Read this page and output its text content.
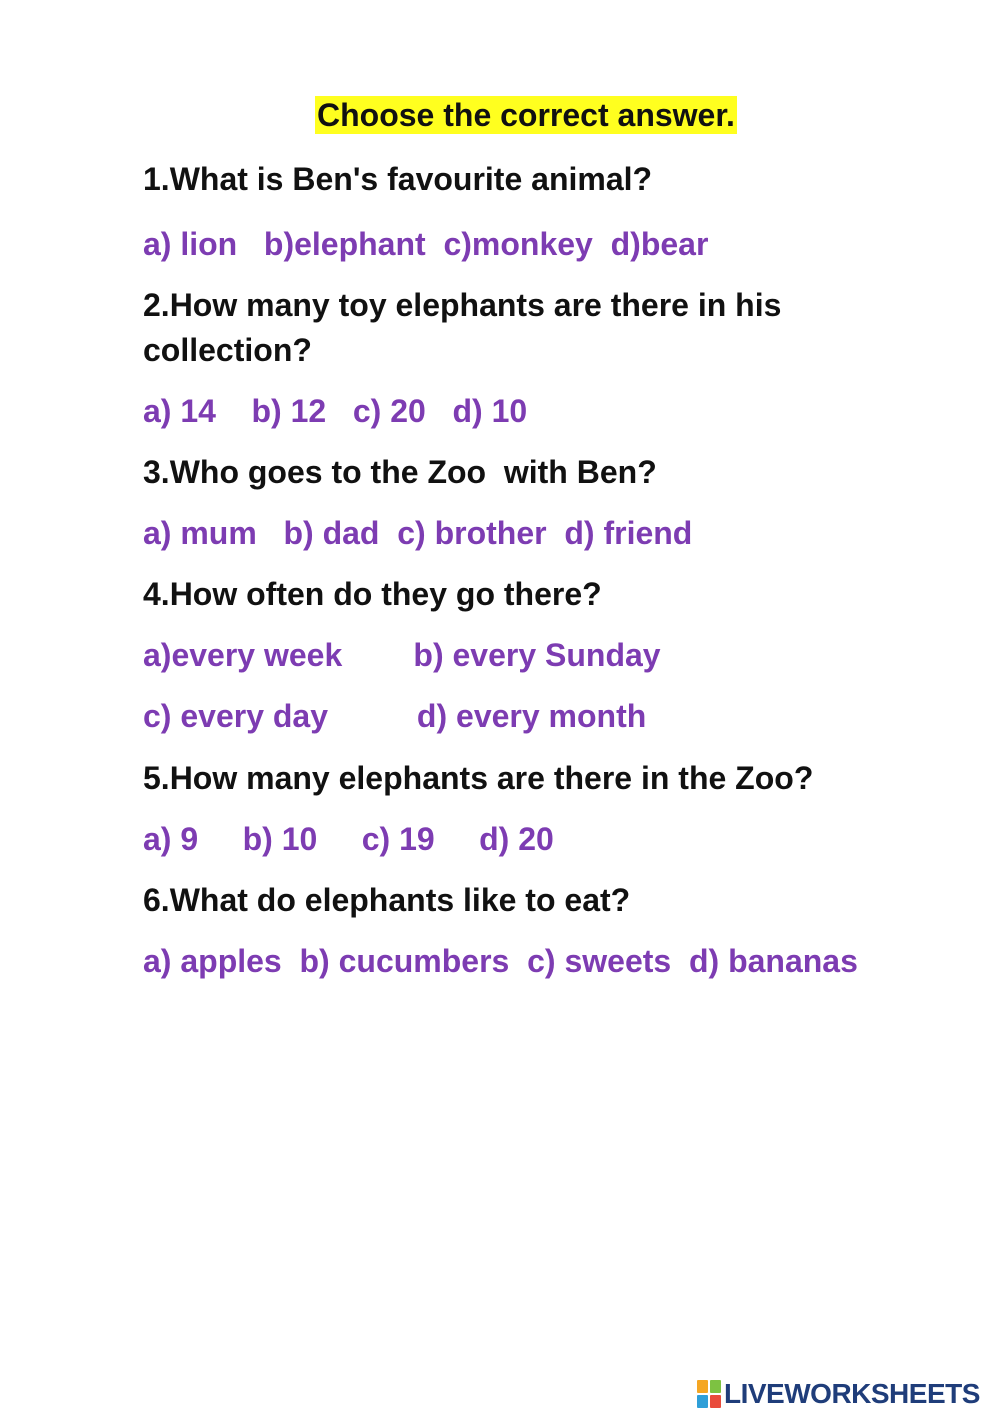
Choose the correct answer.
1.What is Ben's favourite animal?
a) lion   b)elephant  c)monkey  d)bear
2.How many toy elephants are there in his
collection?
a) 14    b) 12   c) 20   d) 10
3.Who goes to the Zoo  with Ben?
a) mum   b) dad  c) brother  d) friend
4.How often do they go there?
a)every week        b) every Sunday
c) every day          d) every month
5.How many elephants are there in the Zoo?
a) 9     b) 10     c) 19     d) 20
6.What do elephants like to eat?
a) apples  b) cucumbers  c) sweets  d) bananas
LIVEWORKSHEETS
